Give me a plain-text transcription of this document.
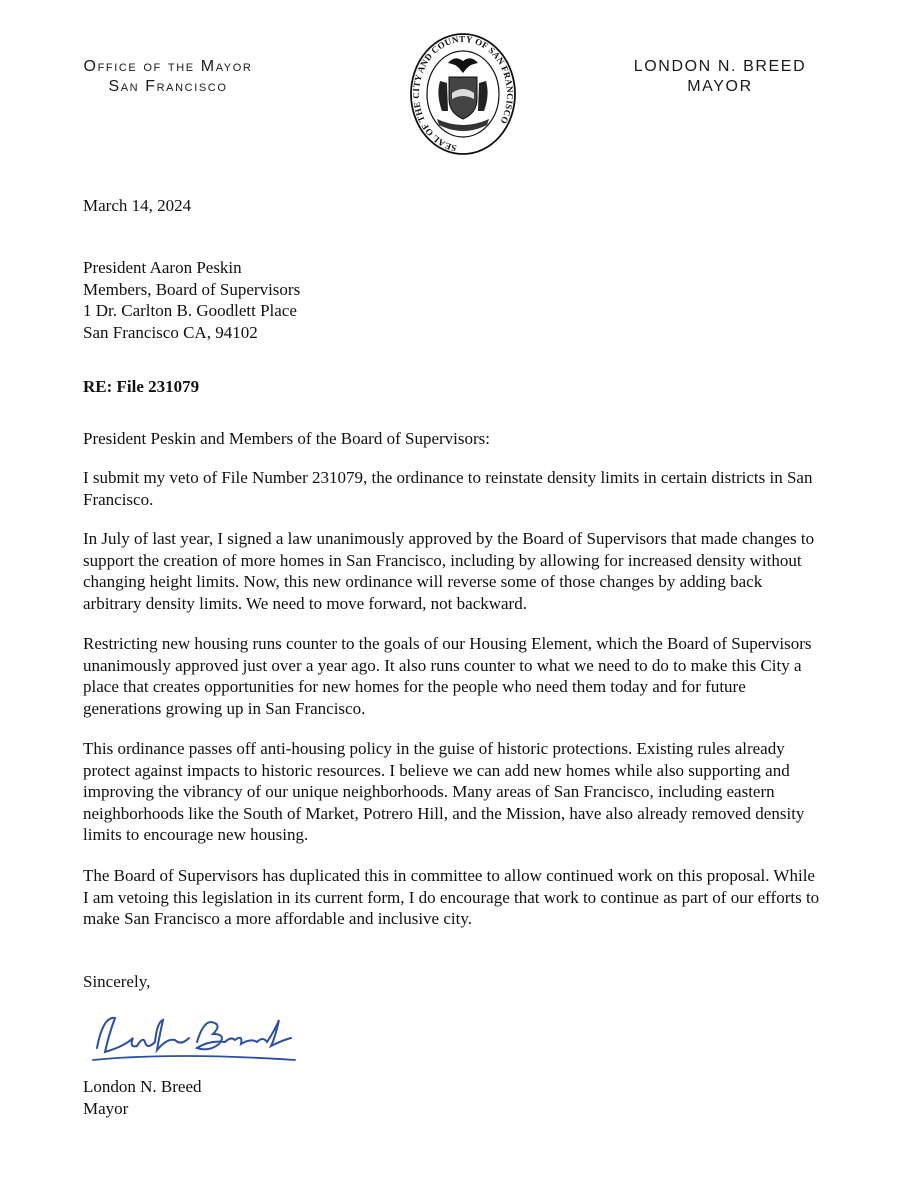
Office of the Mayor
San Francisco
SEAL OF THE CITY AND COUNTY OF SAN FRANCISCO
LONDON N. BREED
MAYOR
March 14, 2024
President Aaron Peskin
Members, Board of Supervisors
1 Dr. Carlton B. Goodlett Place
San Francisco CA, 94102
RE: File 231079
President Peskin and Members of the Board of Supervisors:

I submit my veto of File Number 231079, the ordinance to reinstate density limits in certain districts in San Francisco.

In July of last year, I signed a law unanimously approved by the Board of Supervisors that made changes to support the creation of more homes in San Francisco, including by allowing for increased density without changing height limits. Now, this new ordinance will reverse some of those changes by adding back arbitrary density limits. We need to move forward, not backward.

Restricting new housing runs counter to the goals of our Housing Element, which the Board of Supervisors unanimously approved just over a year ago. It also runs counter to what we need to do to make this City a place that creates opportunities for new homes for the people who need them today and for future generations growing up in San Francisco.

This ordinance passes off anti-housing policy in the guise of historic protections. Existing rules already protect against impacts to historic resources. I believe we can add new homes while also supporting and improving the vibrancy of our unique neighborhoods. Many areas of San Francisco, including eastern neighborhoods like the South of Market, Potrero Hill, and the Mission, have also already removed density limits to encourage new housing.

The Board of Supervisors has duplicated this in committee to allow continued work on this proposal. While I am vetoing this legislation in its current form, I do encourage that work to continue as part of our efforts to make San Francisco a more affordable and inclusive city.

Sincerely,
London N. Breed
Mayor
